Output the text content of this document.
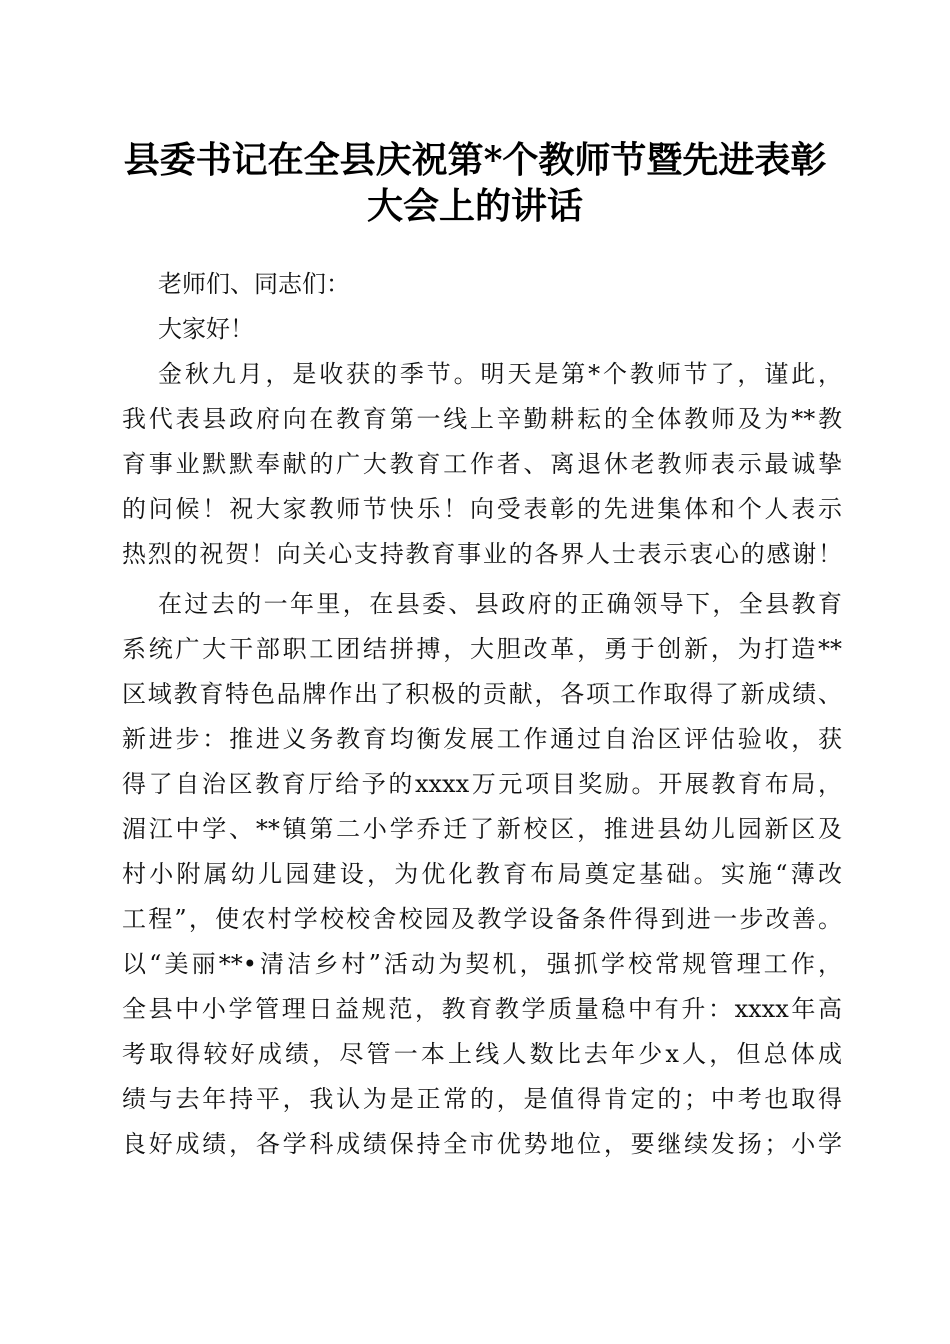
县委书记在全县庆祝第*个教师节暨先进表彰
大会上的讲话

老师们、同志们：

大家好！

金秋九月，是收获的季节。明天是第*个教师节了，谨此，

我代表县政府向在教育第一线上辛勤耕耘的全体教师及为**教

育事业默默奉献的广大教育工作者、离退休老教师表示最诚挚

的问候！祝大家教师节快乐！向受表彰的先进集体和个人表示

热烈的祝贺！向关心支持教育事业的各界人士表示衷心的感谢！

在过去的一年里，在县委、县政府的正确领导下，全县教育

系统广大干部职工团结拼搏，大胆改革，勇于创新，为打造**

区域教育特色品牌作出了积极的贡献，各项工作取得了新成绩、

新进步：推进义务教育均衡发展工作通过自治区评估验收，获

得了自治区教育厅给予的xxxx万元项目奖励。开展教育布局，

湄江中学、**镇第二小学乔迁了新校区，推进县幼儿园新区及

村小附属幼儿园建设，为优化教育布局奠定基础。实施“薄改

工程”，使农村学校校舍校园及教学设备条件得到进一步改善。

以“美丽**•清洁乡村”活动为契机，强抓学校常规管理工作，

全县中小学管理日益规范，教育教学质量稳中有升：xxxx年高

考取得较好成绩，尽管一本上线人数比去年少x人，但总体成

绩与去年持平，我认为是正常的，是值得肯定的；中考也取得

良好成绩，各学科成绩保持全市优势地位，要继续发扬；小学
